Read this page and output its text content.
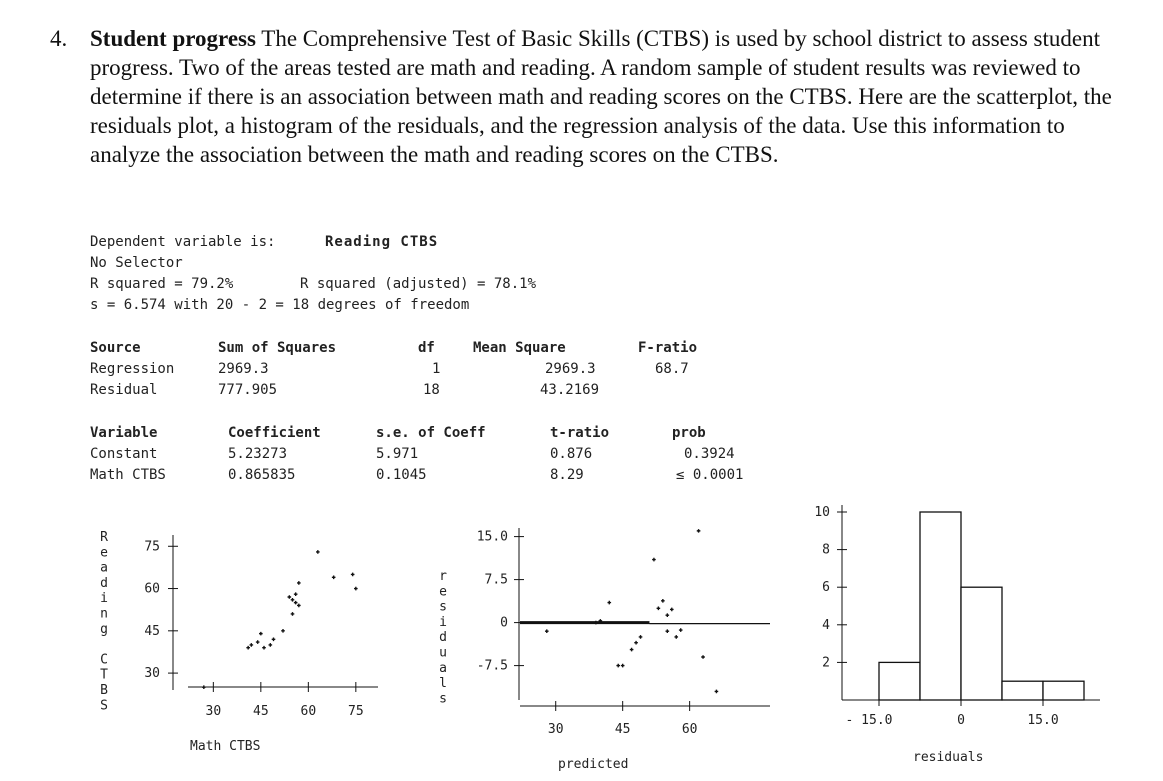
4. Student progress The Comprehensive Test of Basic Skills (CTBS) is used by school district to assess student progress. Two of the areas tested are math and reading. A random sample of student results was reviewed to determine if there is an association between math and reading scores on the CTBS. Here are the scatterplot, the residuals plot, a histogram of the residuals, and the regression analysis of the data. Use this information to analyze the association between the math and reading scores on the CTBS.
Dependent variable is:	Reading CTBS
No Selector
R squared = 79.2%	R squared (adjusted) = 78.1%
s = 6.574 with 20 - 2 = 18 degrees of freedom
Source	Sum of Squares	df	Mean Square	F-ratio
Regression	2969.3	1	2969.3	68.7
Residual	777.905	18	43.2169
Variable	Coefficient	s.e. of Coeff	t-ratio	prob
Constant	5.23273	5.971	0.876	0.3924
Math CTBS	0.865835	0.1045	8.29	≤ 0.0001
R
e
a
d
i
n
g
C
T
B
S
Math CTBS
75
60
45
30
30 45 60 75
r
e
s
i
d
u
a
l
s
predicted
15.0
7.5
0
-7.5
30	45	60
residuals
10
8
6
4
2
- 15.0	0	15.0
